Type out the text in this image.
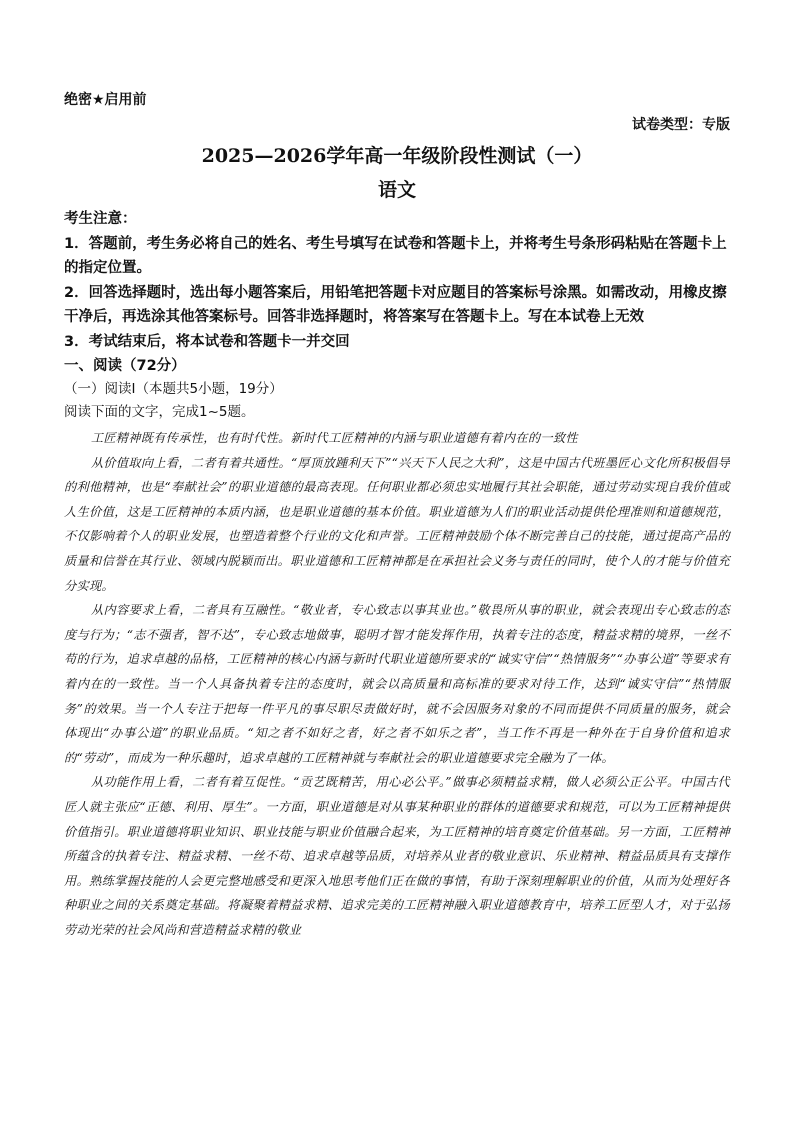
绝密★启用前
试卷类型：专版
2025—2026学年高一年级阶段性测试（一）
语文

考生注意：

1．答题前，考生务必将自己的姓名、考生号填写在试卷和答题卡上，并将考生号条形码粘贴在答题卡上的指定位置。

2．回答选择题时，选出每小题答案后，用铅笔把答题卡对应题目的答案标号涂黑。如需改动，用橡皮擦干净后，再选涂其他答案标号。回答非选择题时，将答案写在答题卡上。写在本试卷上无效

3．考试结束后，将本试卷和答题卡一并交回

一、阅读（72分）

（一）阅读Ⅰ（本题共5小题，19分）

阅读下面的文字，完成1~5题。

工匠精神既有传承性，也有时代性。新时代工匠精神的内涵与职业道德有着内在的一致性

从价值取向上看，二者有着共通性。“厚顶放踵利天下”“兴天下人民之大利”，这是中国古代班墨匠心文化所积极倡导的利他精神，也是“奉献社会”的职业道德的最高表现。任何职业都必须忠实地履行其社会职能，通过劳动实现自我价值或人生价值，这是工匠精神的本质内涵，也是职业道德的基本价值。职业道德为人们的职业活动提供伦理准则和道德规范，不仅影响着个人的职业发展，也塑造着整个行业的文化和声誉。工匠精神鼓励个体不断完善自己的技能，通过提高产品的质量和信誉在其行业、领域内脱颖而出。职业道德和工匠精神都是在承担社会义务与责任的同时，使个人的才能与价值充分实现。

从内容要求上看，二者具有互融性。“敬业者，专心致志以事其业也。”敬畏所从事的职业，就会表现出专心致志的态度与行为；“志不强者，智不达”，专心致志地做事，聪明才智才能发挥作用，执着专注的态度，精益求精的境界，一丝不苟的行为，追求卓越的品格，工匠精神的核心内涵与新时代职业道德所要求的“诚实守信”“热情服务”“办事公道”等要求有着内在的一致性。当一个人具备执着专注的态度时，就会以高质量和高标准的要求对待工作，达到“诚实守信”“热情服务”的效果。当一个人专注于把每一件平凡的事尽职尽责做好时，就不会因服务对象的不同而提供不同质量的服务，就会体现出“办事公道”的职业品质。“知之者不如好之者，好之者不如乐之者”，当工作不再是一种外在于自身价值和追求的“劳动”，而成为一种乐趣时，追求卓越的工匠精神就与奉献社会的职业道德要求完全融为了一体。

从功能作用上看，二者有着互促性。“贡艺既精苦，用心必公平。”做事必须精益求精，做人必须公正公平。中国古代匠人就主张应“正德、利用、厚生”。一方面，职业道德是对从事某种职业的群体的道德要求和规范，可以为工匠精神提供价值指引。职业道德将职业知识、职业技能与职业价值融合起来，为工匠精神的培育奠定价值基础。另一方面，工匠精神所蕴含的执着专注、精益求精、一丝不苟、追求卓越等品质，对培养从业者的敬业意识、乐业精神、精益品质具有支撑作用。熟练掌握技能的人会更完整地感受和更深入地思考他们正在做的事情，有助于深刻理解职业的价值，从而为处理好各种职业之间的关系奠定基础。将凝聚着精益求精、追求完美的工匠精神融入职业道德教育中，培养工匠型人才，对于弘扬劳动光荣的社会风尚和营造精益求精的敬业
